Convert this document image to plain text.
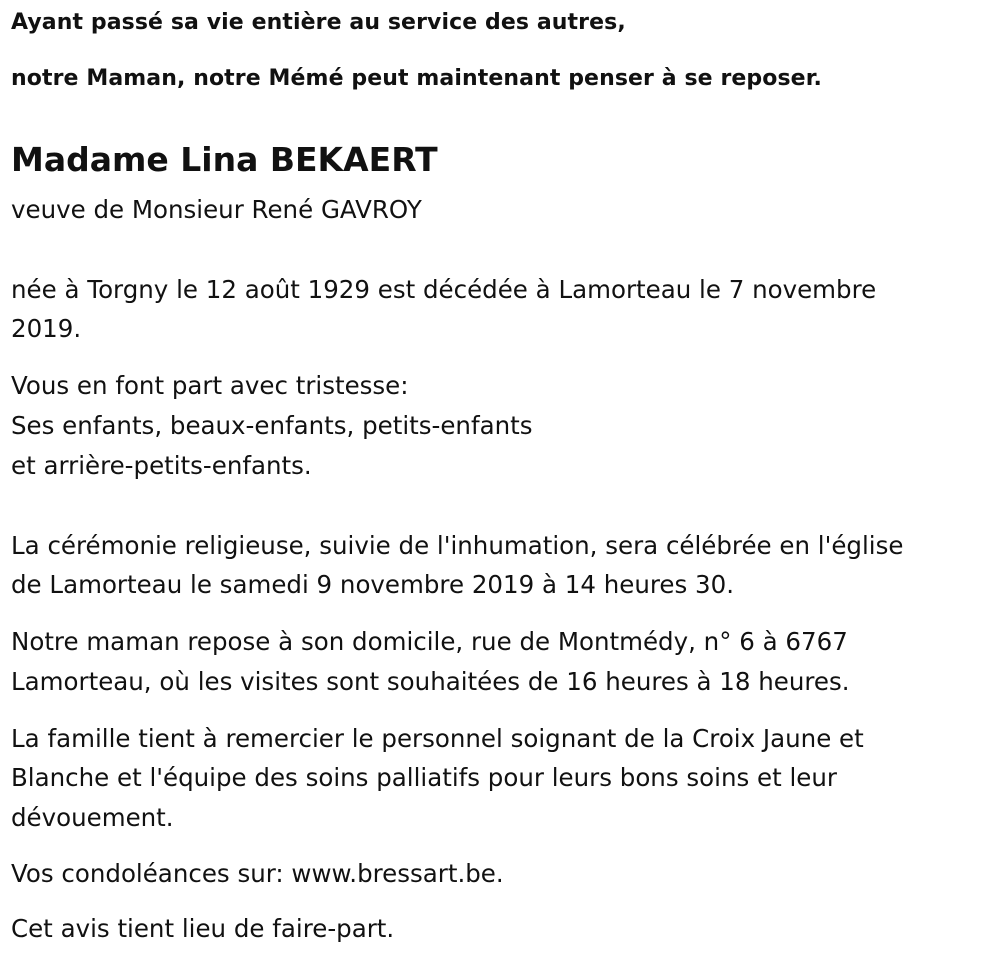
Ayant passé sa vie entière au service des autres,
notre Maman, notre Mémé peut maintenant penser à se reposer.
Madame Lina BEKAERT
veuve de Monsieur René GAVROY
née à Torgny le 12 août 1929 est décédée à Lamorteau le 7 novembre
2019.
Vous en font part avec tristesse:
Ses enfants, beaux-enfants, petits-enfants
et arrière-petits-enfants.
La cérémonie religieuse, suivie de l'inhumation, sera célébrée en l'église
de Lamorteau le samedi 9 novembre 2019 à 14 heures 30.
Notre maman repose à son domicile, rue de Montmédy, n° 6 à 6767
Lamorteau, où les visites sont souhaitées de 16 heures à 18 heures.
La famille tient à remercier le personnel soignant de la Croix Jaune et
Blanche et l'équipe des soins palliatifs pour leurs bons soins et leur
dévouement.
Vos condoléances sur: www.bressart.be.
Cet avis tient lieu de faire-part.
